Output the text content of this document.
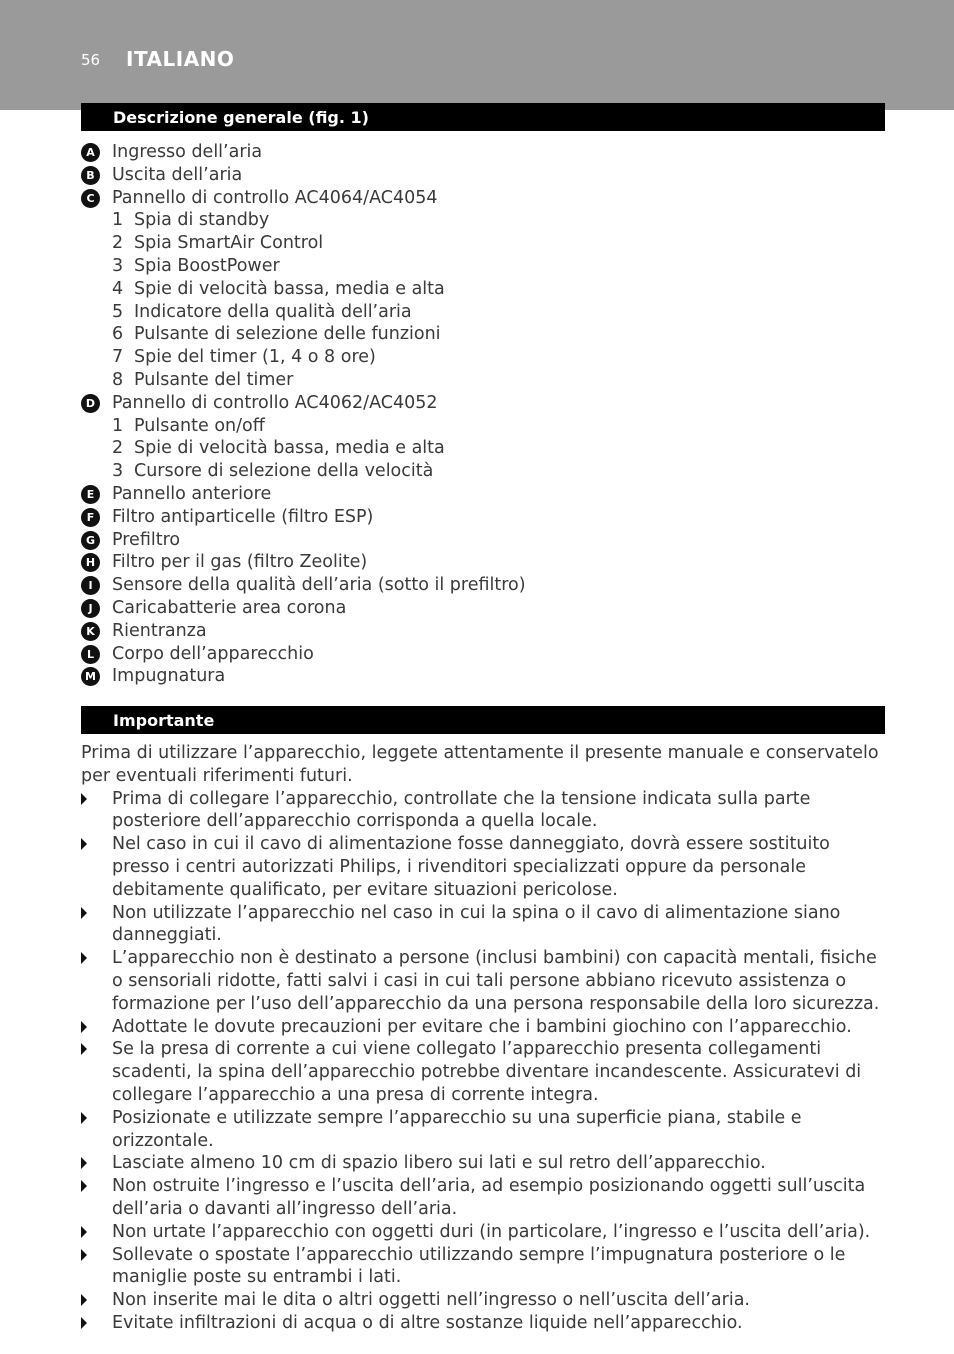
56 ITALIANO
Descrizione generale (fig. 1)
A Ingresso dell’aria
B Uscita dell’aria
C Pannello di controllo AC4064/AC4054
1 Spia di standby
2 Spia SmartAir Control
3 Spia BoostPower
4 Spie di velocità bassa, media e alta
5 Indicatore della qualità dell’aria
6 Pulsante di selezione delle funzioni
7 Spie del timer (1, 4 o 8 ore)
8 Pulsante del timer
D Pannello di controllo AC4062/AC4052
1 Pulsante on/off
2 Spie di velocità bassa, media e alta
3 Cursore di selezione della velocità
E	Pannello anteriore
F	Filtro antiparticelle (filtro ESP)
G Prefiltro
H Filtro per il gas (filtro Zeolite)
I	Sensore della qualità dell’aria (sotto il prefiltro)
J	Caricabatterie area corona
K Rientranza
L	Corpo dell’apparecchio
M Impugnatura
Importante

Prima di utilizzare l’apparecchio, leggete attentamente il presente manuale e conservatelo per eventuali riferimenti futuri.

Prima di collegare l’apparecchio, controllate che la tensione indicata sulla parte posteriore dell’apparecchio corrisponda a quella locale.
Nel caso in cui il cavo di alimentazione fosse danneggiato, dovrà essere sostituito presso i centri autorizzati Philips, i rivenditori specializzati oppure da personale debitamente qualificato, per evitare situazioni pericolose.
Non utilizzate l’apparecchio nel caso in cui la spina o il cavo di alimentazione siano danneggiati.
L’apparecchio non è destinato a persone (inclusi bambini) con capacità mentali, fisiche o sensoriali ridotte, fatti salvi i casi in cui tali persone abbiano ricevuto assistenza o formazione per l’uso dell’apparecchio da una persona responsabile della loro sicurezza.
Adottate le dovute precauzioni per evitare che i bambini giochino con l’apparecchio.
Se la presa di corrente a cui viene collegato l’apparecchio presenta collegamenti scadenti, la spina dell’apparecchio potrebbe diventare incandescente. Assicuratevi di collegare l’apparecchio a una presa di corrente integra.
Posizionate e utilizzate sempre l’apparecchio su una superficie piana, stabile e orizzontale.
Lasciate almeno 10 cm di spazio libero sui lati e sul retro dell’apparecchio.
Non ostruite l’ingresso e l’uscita dell’aria, ad esempio posizionando oggetti sull’uscita dell’aria o davanti all’ingresso dell’aria.
Non urtate l’apparecchio con oggetti duri (in particolare, l’ingresso e l’uscita dell’aria).
Sollevate o spostate l’apparecchio utilizzando sempre l’impugnatura posteriore o le maniglie poste su entrambi i lati.
Non inserite mai le dita o altri oggetti nell’ingresso o nell’uscita dell’aria.
Evitate infiltrazioni di acqua o di altre sostanze liquide nell’apparecchio.
